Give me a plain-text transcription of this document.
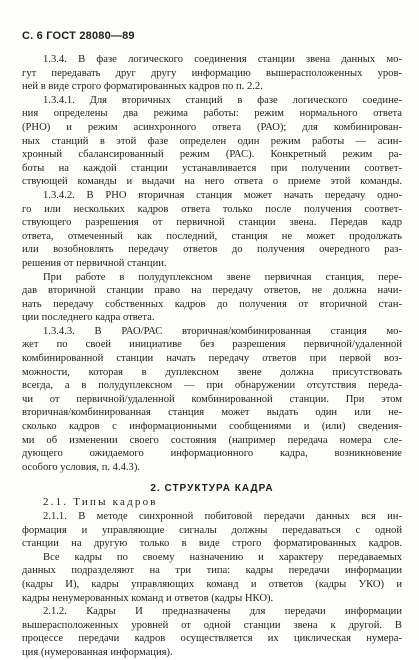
С. 6 ГОСТ 28080—89
1.3.4. В фазе логического соединения станции звена данных мо-
гут передавать друг другу информацию вышерасположенных уров-
ней в виде строго форматированных кадров по п. 2.2.
1.3.4.1. Для вторичных станций в фазе логического соедине-
ния определены два режима работы: режим нормального ответа
(РНО) и режим асинхронного ответа (РАО); для комбинирован-
ных станций в этой фазе определен один режим работы — асин-
хронный сбалансированный режим (РАС). Конкретный режим ра-
боты на каждой станции устанавливается при получении соответ-
ствующей команды и выдачи на него ответа о приеме этой команды.
1.3.4.2. В РНО вторичная станция может начать передачу одно-
го или нескольких кадров ответа только после получения соответ-
ствующего разрешения от первичной станции звена. Передав кадр
ответа, отмеченный как последний, станция не может продолжать
или возобновлять передачу ответов до получения очередного раз-
решения от первичной станции.
При работе в полудуплексном звене первичная станция, пере-
дав вторичной станции право на передачу ответов, не должна начи-
нать передачу собственных кадров до получения от вторичной стан-
ции последнего кадра ответа.
1.3.4.3. В РАО/РАС вторичная/комбинированная станция мо-
жет по своей инициативе без разрешения первичной/удаленной
комбинированной станции начать передачу ответов при первой воз-
можности, которая в дуплексном звене должна присутствовать
всегда, а в полудуплексном — при обнаружении отсутствия переда-
чи от первичной/удаленной комбинированной станции. При этом
вторичная/комбинированная станция может выдать один или не-
сколько кадров с информационными сообщениями и (или) сведения-
ми об изменении своего состояния (например передача номера сле-
дующего ожидаемого информационного кадра, возникновение
особого условия, п. 4.4.3).
2. СТРУКТУРА КАДРА
2.1. Типы кадров
2.1.1. В методе синхронной побитовой передачи данных вся ин-
формация и управляющие сигналы должны передаваться с одной
станции на другую только в виде строго форматированных кадров.
Все кадры по своему назначению и характеру передаваемых
данных подразделяют на три типа: кадры передачи информации
(кадры И), кадры управляющих команд и ответов (кадры УКО) и
кадры ненумерованных команд и ответов (кадры НКО).
2.1.2. Кадры И предназначены для передачи информации
вышерасположенных уровней от одной станции звена к другой. В
процессе передачи кадров осуществляется их циклическая нумера-
ция (нумерованная информация).
